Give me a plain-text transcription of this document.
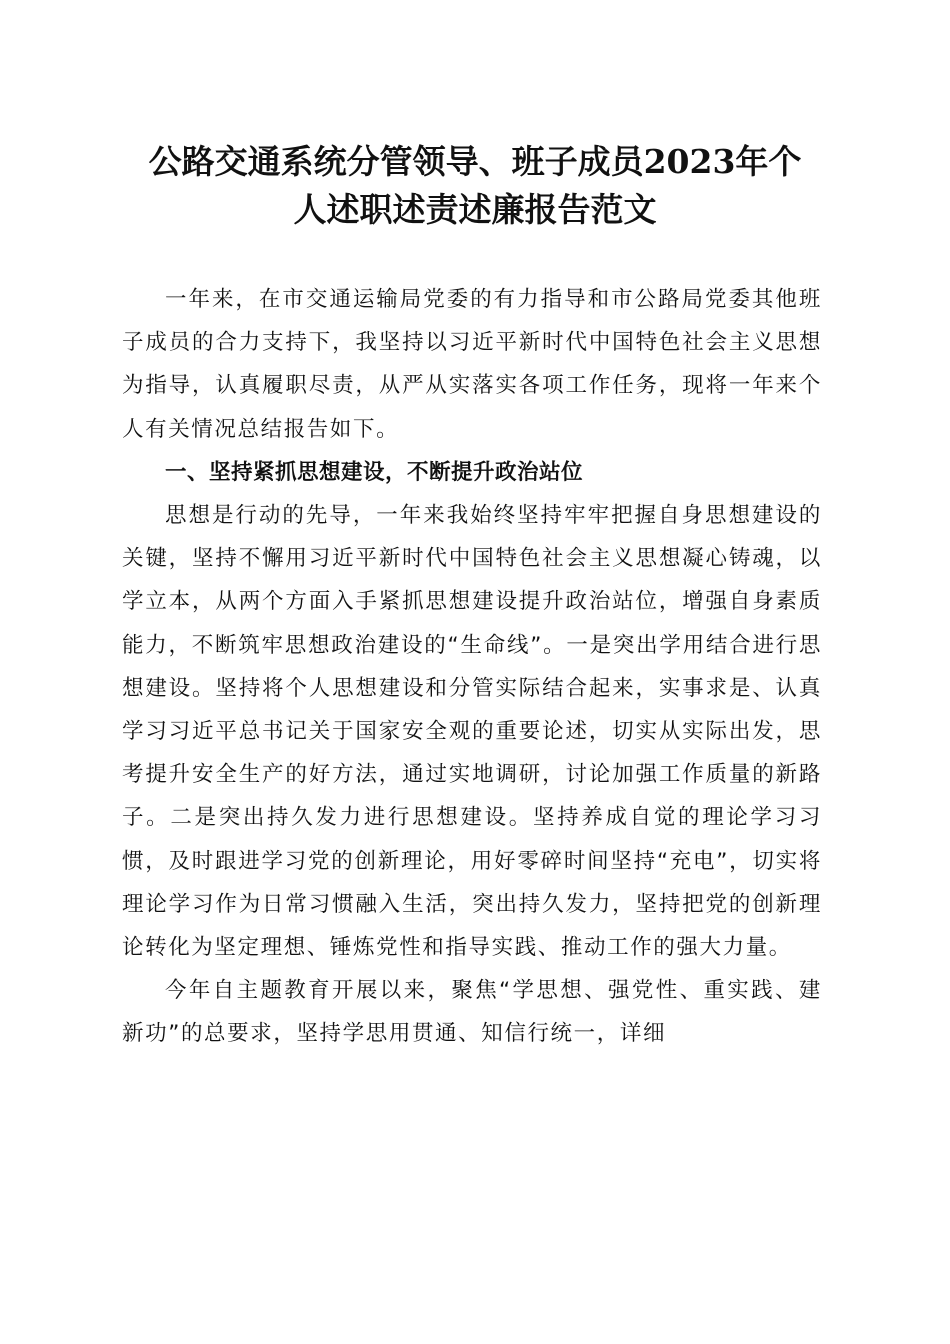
公路交通系统分管领导、班子成员2023年个
人述职述责述廉报告范文

一年来，在市交通运输局党委的有力指导和市公路局党委其他班子成员的合力支持下，我坚持以习近平新时代中国特色社会主义思想为指导，认真履职尽责，从严从实落实各项工作任务，现将一年来个人有关情况总结报告如下。

一、坚持紧抓思想建设，不断提升政治站位

思想是行动的先导，一年来我始终坚持牢牢把握自身思想建设的关键，坚持不懈用习近平新时代中国特色社会主义思想凝心铸魂，以学立本，从两个方面入手紧抓思想建设提升政治站位，增强自身素质能力，不断筑牢思想政治建设的“生命线”。一是突出学用结合进行思想建设。坚持将个人思想建设和分管实际结合起来，实事求是、认真学习习近平总书记关于国家安全观的重要论述，切实从实际出发，思考提升安全生产的好方法，通过实地调研，讨论加强工作质量的新路子。二是突出持久发力进行思想建设。坚持养成自觉的理论学习习惯，及时跟进学习党的创新理论，用好零碎时间坚持“充电”，切实将理论学习作为日常习惯融入生活，突出持久发力，坚持把党的创新理论转化为坚定理想、锤炼党性和指导实践、推动工作的强大力量。

今年自主题教育开展以来，聚焦“学思想、强党性、重实践、建新功”的总要求，坚持学思用贯通、知信行统一，详细
